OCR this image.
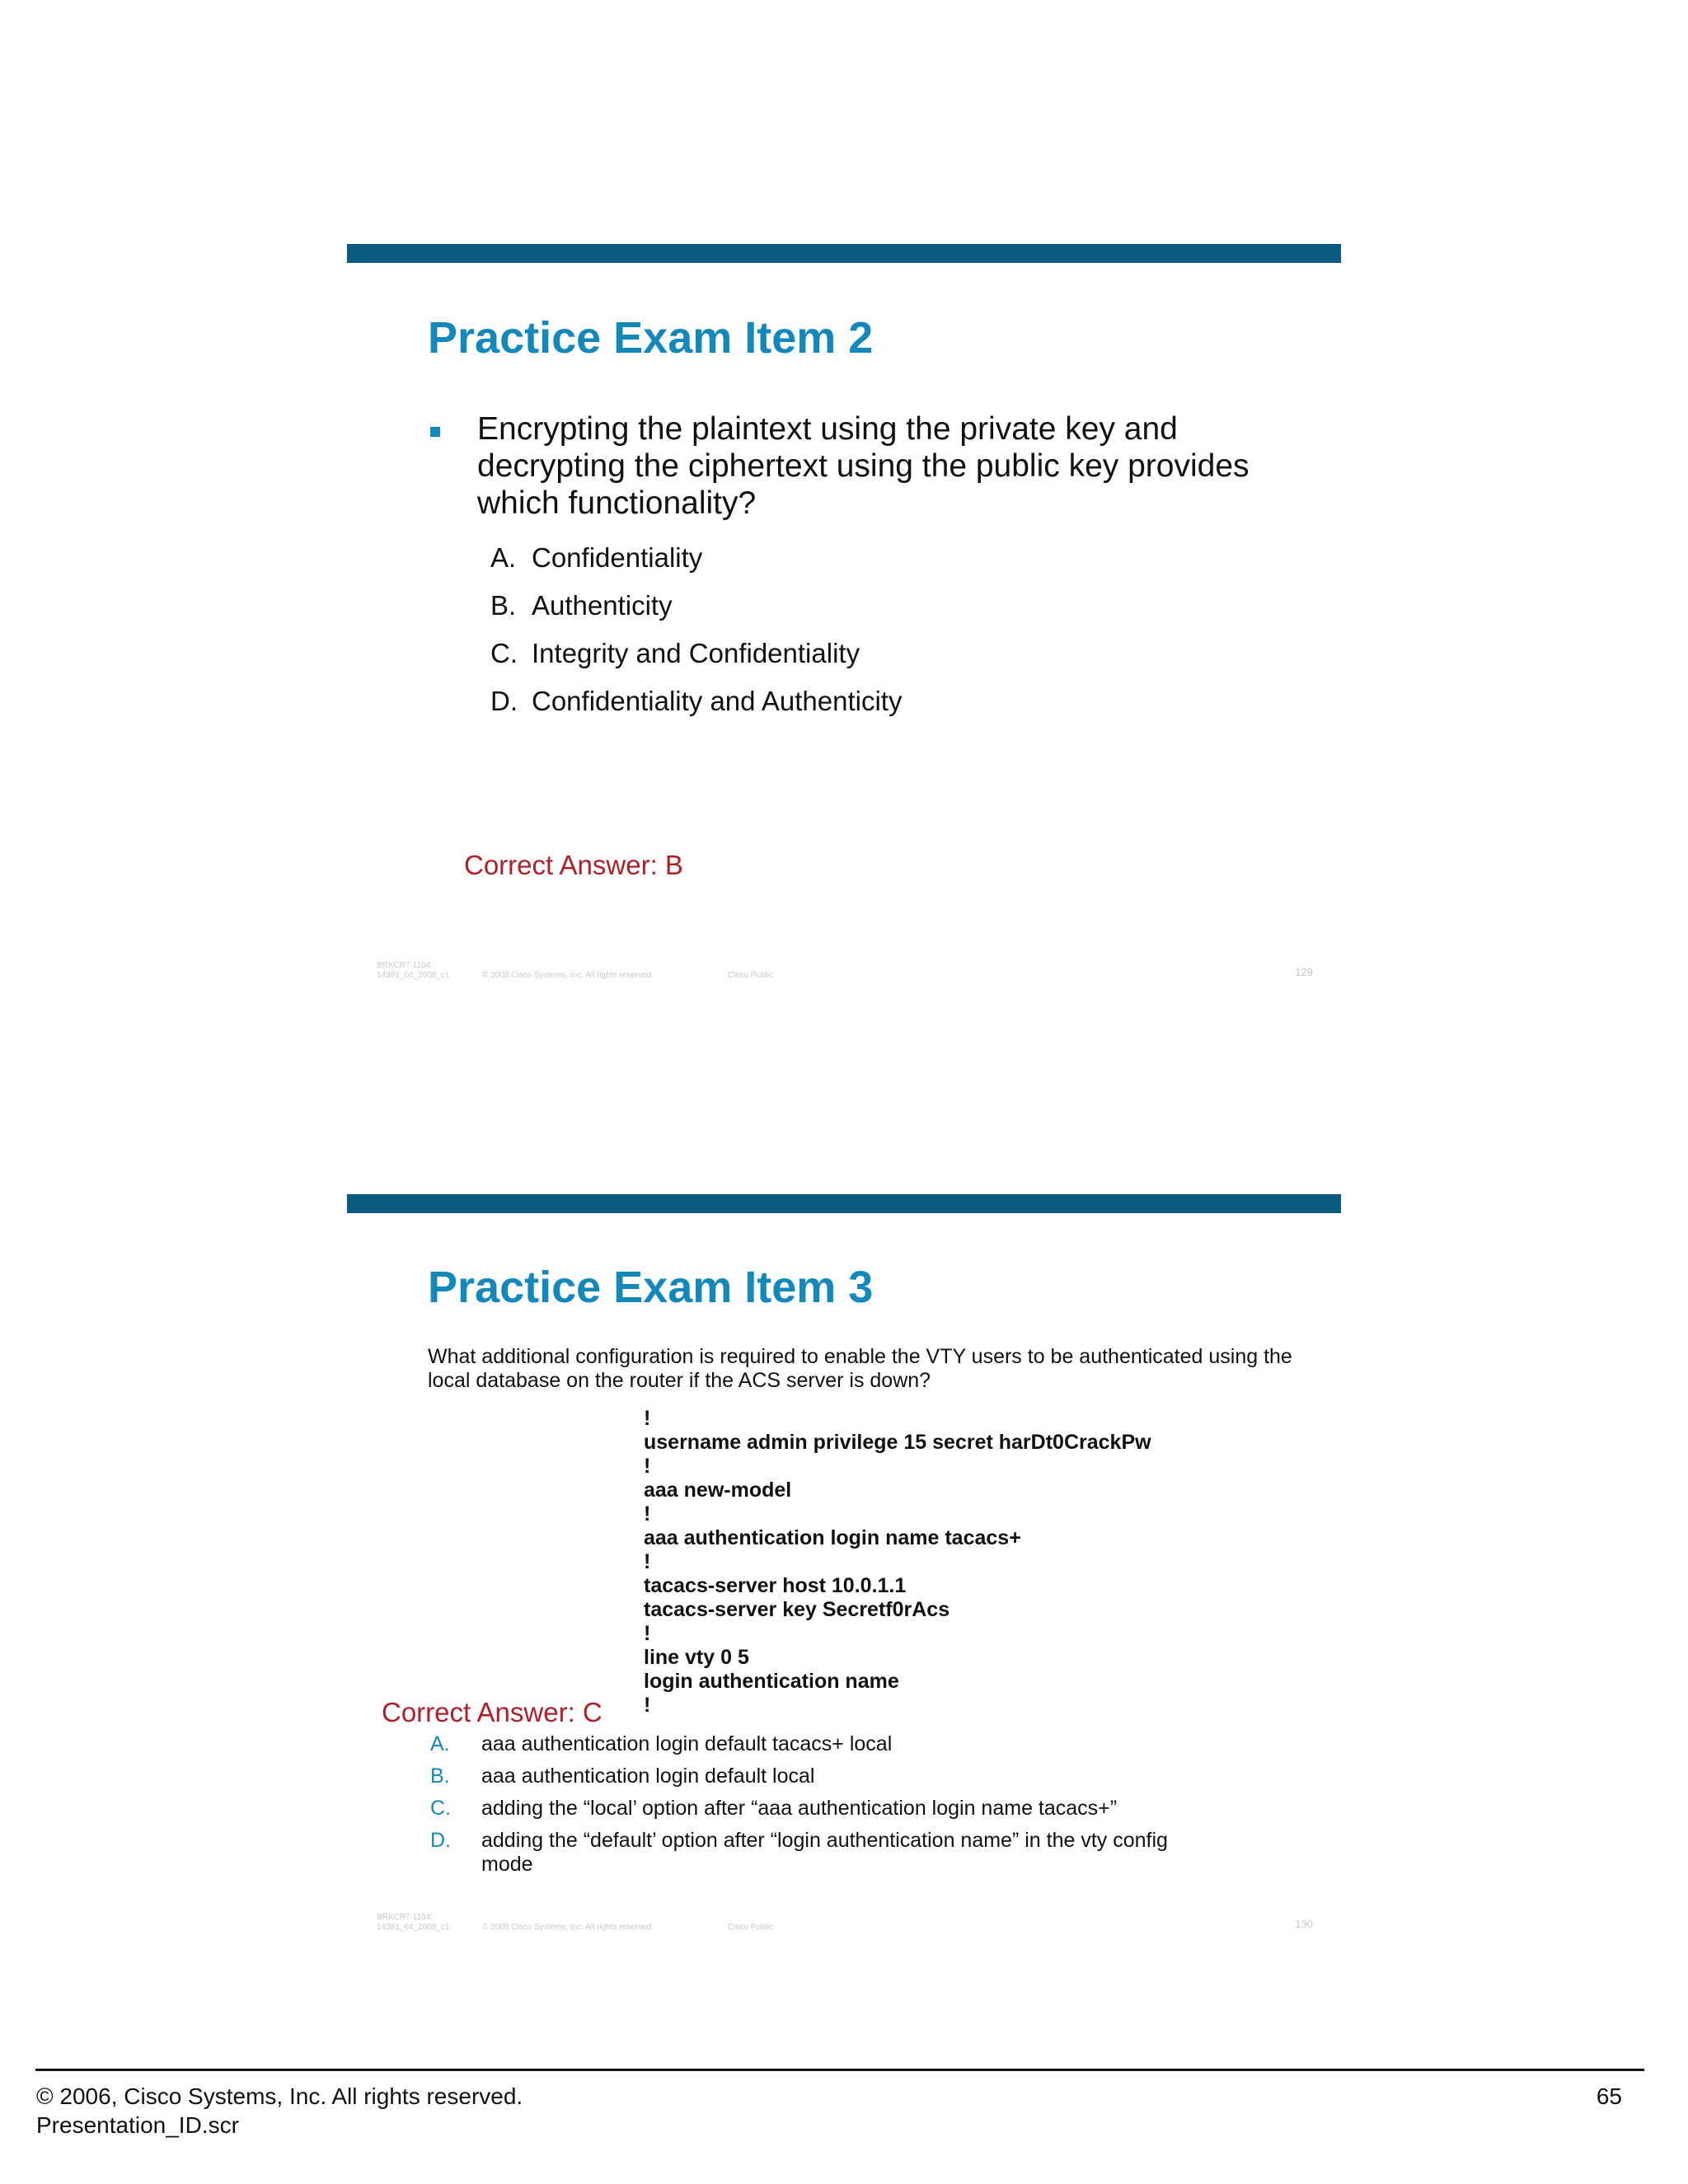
Practice Exam Item 2
Encrypting the plaintext using the private key and decrypting the ciphertext using the public key provides which functionality?
A. Confidentiality
B. Authenticity
C. Integrity and Confidentiality
D. Confidentiality and Authenticity
Correct Answer: B
BRKCRT-1104
14381_04_2008_c1	© 2008 Cisco Systems, Inc. All rights reserved.	Cisco Public	129
Practice Exam Item 3
What additional configuration is required to enable the VTY users to be authenticated using the local database on the router if the ACS server is down?
!
username admin privilege 15 secret harDt0CrackPw
!
aaa new-model
!
aaa authentication login name tacacs+
!
tacacs-server host 10.0.1.1
tacacs-server key Secretf0rAcs
!
line vty 0 5
login authentication name
!
Correct Answer: C
A. aaa authentication login default tacacs+ local
B. aaa authentication login default local
C. adding the “local’ option after “aaa authentication login name tacacs+”
D. adding the “default’ option after “login authentication name” in the vty config mode
BRKCRT-1104
14381_04_2008_c1	© 2008 Cisco Systems, Inc. All rights reserved.	Cisco Public	130
© 2006, Cisco Systems, Inc. All rights reserved.
Presentation_ID.scr
65
